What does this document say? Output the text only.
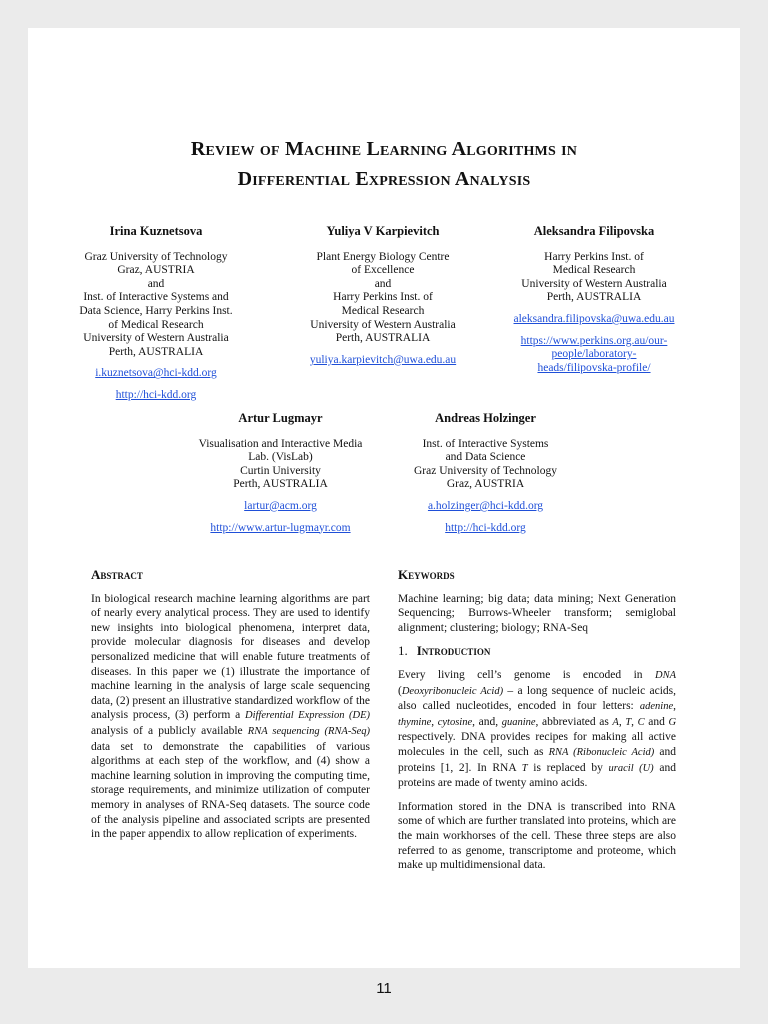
Review of Machine Learning Algorithms in
Differential Expression Analysis
Irina Kuznetsova
Graz University of Technology
Graz, AUSTRIA
and
Inst. of Interactive Systems and
Data Science, Harry Perkins Inst.
of Medical Research
University of Western Australia
Perth, AUSTRALIA
i.kuznetsova@hci-kdd.org
http://hci-kdd.org
Yuliya V Karpievitch
Plant Energy Biology Centre
of Excellence
and
Harry Perkins Inst. of
Medical Research
University of Western Australia
Perth, AUSTRALIA
yuliya.karpievitch@uwa.edu.au
Aleksandra Filipovska
Harry Perkins Inst. of
Medical Research
University of Western Australia
Perth, AUSTRALIA
aleksandra.filipovska@uwa.edu.au
https://www.perkins.org.au/our-
people/laboratory-
heads/filipovska-profile/
Artur Lugmayr
Visualisation and Interactive Media
Lab. (VisLab)
Curtin University
Perth, AUSTRALIA
lartur@acm.org
http://www.artur-lugmayr.com
Andreas Holzinger
Inst. of Interactive Systems
and Data Science
Graz University of Technology
Graz, AUSTRIA
a.holzinger@hci-kdd.org
http://hci-kdd.org
Abstract
In biological research machine learning algorithms are part of nearly every analytical process. They are used to identify new insights into biological phenomena, interpret data, provide molecular diagnosis for diseases and develop personalized medicine that will enable future treatments of diseases. In this paper we (1) illustrate the importance of machine learning in the analysis of large scale sequencing data, (2) present an illustrative standardized workflow of the analysis process, (3) perform a Differential Expression (DE) analysis of a publicly available RNA sequencing (RNA-Seq) data set to demonstrate the capabilities of various algorithms at each step of the workflow, and (4) show a machine learning solution in improving the computing time, storage requirements, and minimize utilization of computer memory in analyses of RNA-Seq datasets. The source code of the analysis pipeline and associated scripts are presented in the paper appendix to allow replication of experiments.
Keywords
Machine learning; big data; data mining; Next Generation Sequencing; Burrows-Wheeler transform; semiglobal alignment; clustering; biology; RNA-Seq
1. Introduction
Every living cell’s genome is encoded in DNA (Deoxyribonucleic Acid) – a long sequence of nucleic acids, also called nucleotides, encoded in four letters: adenine, thymine, cytosine, and, guanine, abbreviated as A, T, C and G respectively. DNA provides recipes for making all active molecules in the cell, such as RNA (Ribonucleic Acid) and proteins [1, 2]. In RNA T is replaced by uracil (U) and proteins are made of twenty amino acids.
Information stored in the DNA is transcribed into RNA some of which are further translated into proteins, which are the main workhorses of the cell. These three steps are also referred to as genome, transcriptome and proteome, which make up multidimensional data.
11
